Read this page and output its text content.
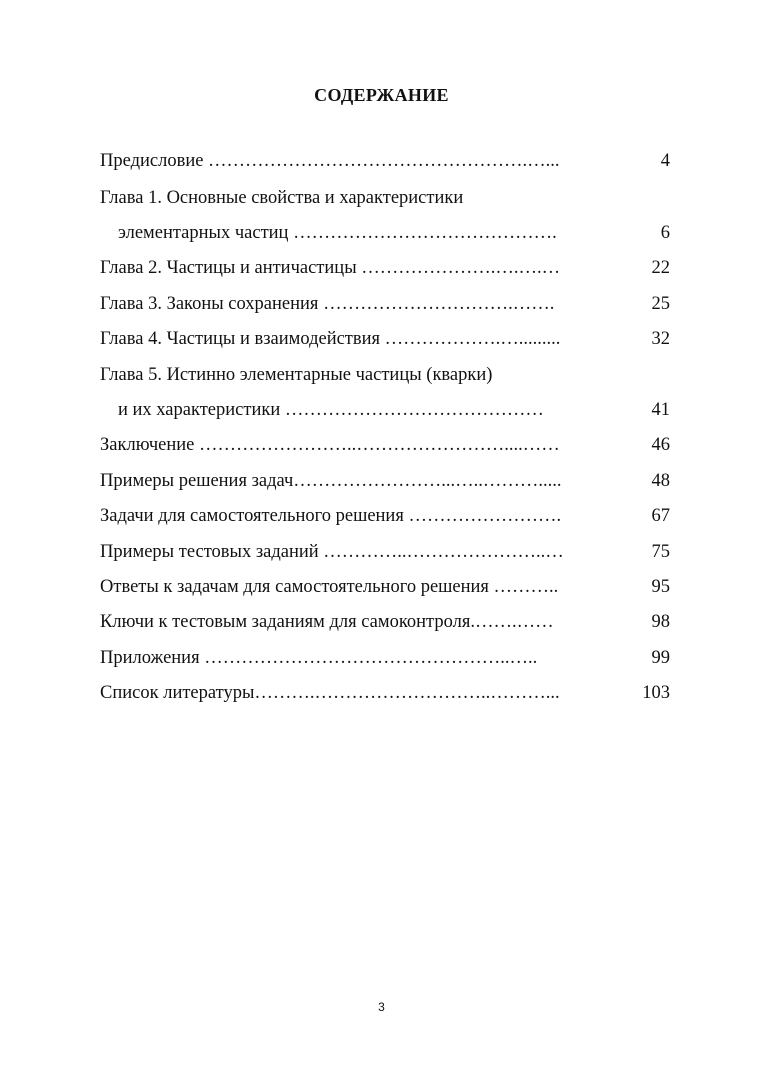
СОДЕРЖАНИЕ
Предисловие …………………………………………….…...	4
Глава 1. Основные свойства и характеристики
элементарных частиц …………………………………….	6
Глава 2. Частицы и античастицы ………………….….….…	22
Глава 3. Законы сохранения ………………………….…….	25
Глава 4. Частицы и взаимодействия ……………….….........	32
Глава 5. Истинно элементарные частицы (кварки)
и их характеристики ……………………………………	41
Заключение ……………………..……………………....……	46
Примеры решения задач……………………...…..……….....	48
Задачи для самостоятельного решения …………………….	67
Примеры тестовых заданий …………..…………………..…	75
Ответы к задачам для самостоятельного решения ………..	95
Ключи к тестовым заданиям для самоконтроля.…….……	98
Приложения …………………………………………..…..	99
Список литературы……….………………………..………...	103
3
